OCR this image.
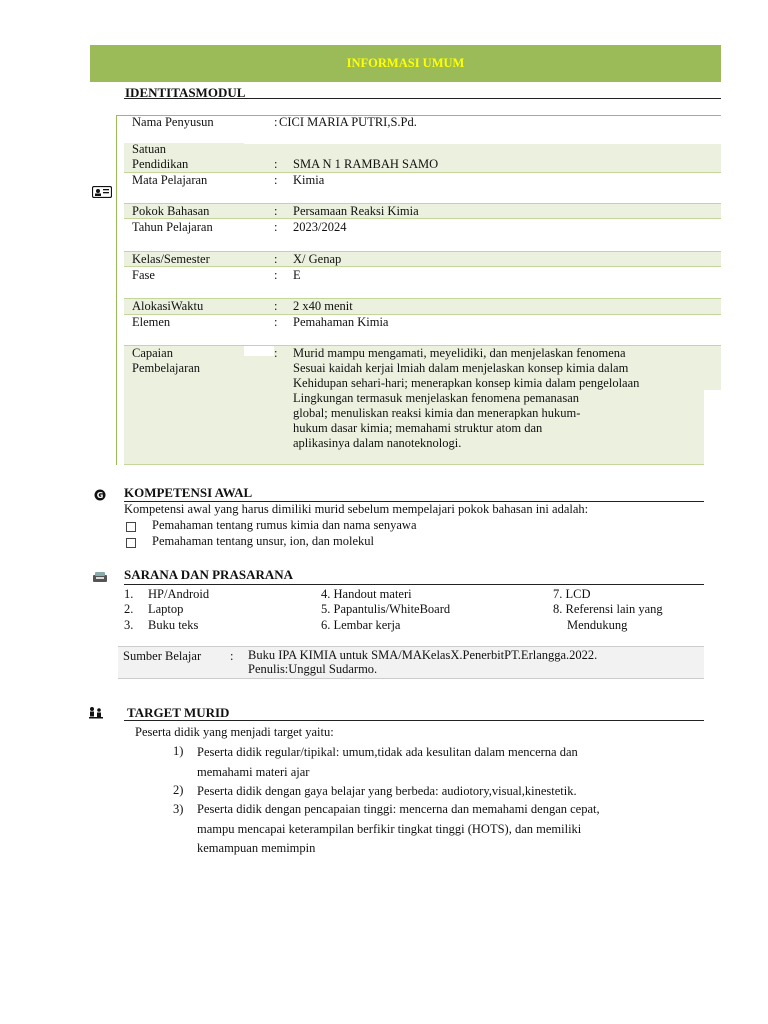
INFORMASI UMUM
IDENTITASMODUL
Nama Penyusun	: CICI MARIA PUTRI,S.Pd.
Satuan
Pendidikan	: SMA N 1 RAMBAH SAMO
Mata Pelajaran	: Kimia
Pokok Bahasan	: Persamaan Reaksi Kimia
Tahun Pelajaran	: 2023/2024
Kelas/Semester	: X/ Genap
Fase	: E
AlokasiWaktu	: 2 x40 menit
Elemen	: Pemahaman Kimia
Capaian
Pembelajaran
: Murid mampu mengamati, meyelidiki, dan menjelaskan fenomena
Sesuai kaidah kerjai lmiah dalam menjelaskan konsep kimia dalam
Kehidupan sehari-hari; menerapkan konsep kimia dalam pengelolaan
Lingkungan termasuk menjelaskan fenomena pemanasan
global; menuliskan reaksi kimia dan menerapkan hukum-
hukum dasar kimia; memahami struktur atom dan
aplikasinya dalam nanoteknologi.
G KOMPETENSI AWAL
Kompetensi awal yang harus dimiliki murid sebelum mempelajari pokok bahasan ini adalah:
Pemahaman tentang rumus kimia dan nama senyawa
Pemahaman tentang unsur, ion, dan molekul
SARANA DAN PRASARANA
1. HP/Android
2. Laptop
3. Buku teks
4. Handout materi
5. Papantulis/WhiteBoard
6. Lembar kerja
7. LCD
8. Referensi lain yang
Mendukung
Sumber Belajar : Buku IPA KIMIA untuk SMA/MAKelasX.PenerbitPT.Erlangga.2022.
Penulis:Unggul Sudarmo.
TARGET MURID
Peserta didik yang menjadi target yaitu:
1) Peserta didik regular/tipikal: umum,tidak ada kesulitan dalam mencerna dan
memahami materi ajar
2) Peserta didik dengan gaya belajar yang berbeda: audiotory,visual,kinestetik.
3) Peserta didik dengan pencapaian tinggi: mencerna dan memahami dengan cepat,
mampu mencapai keterampilan berfikir tingkat tinggi (HOTS), dan memiliki
kemampuan memimpin
